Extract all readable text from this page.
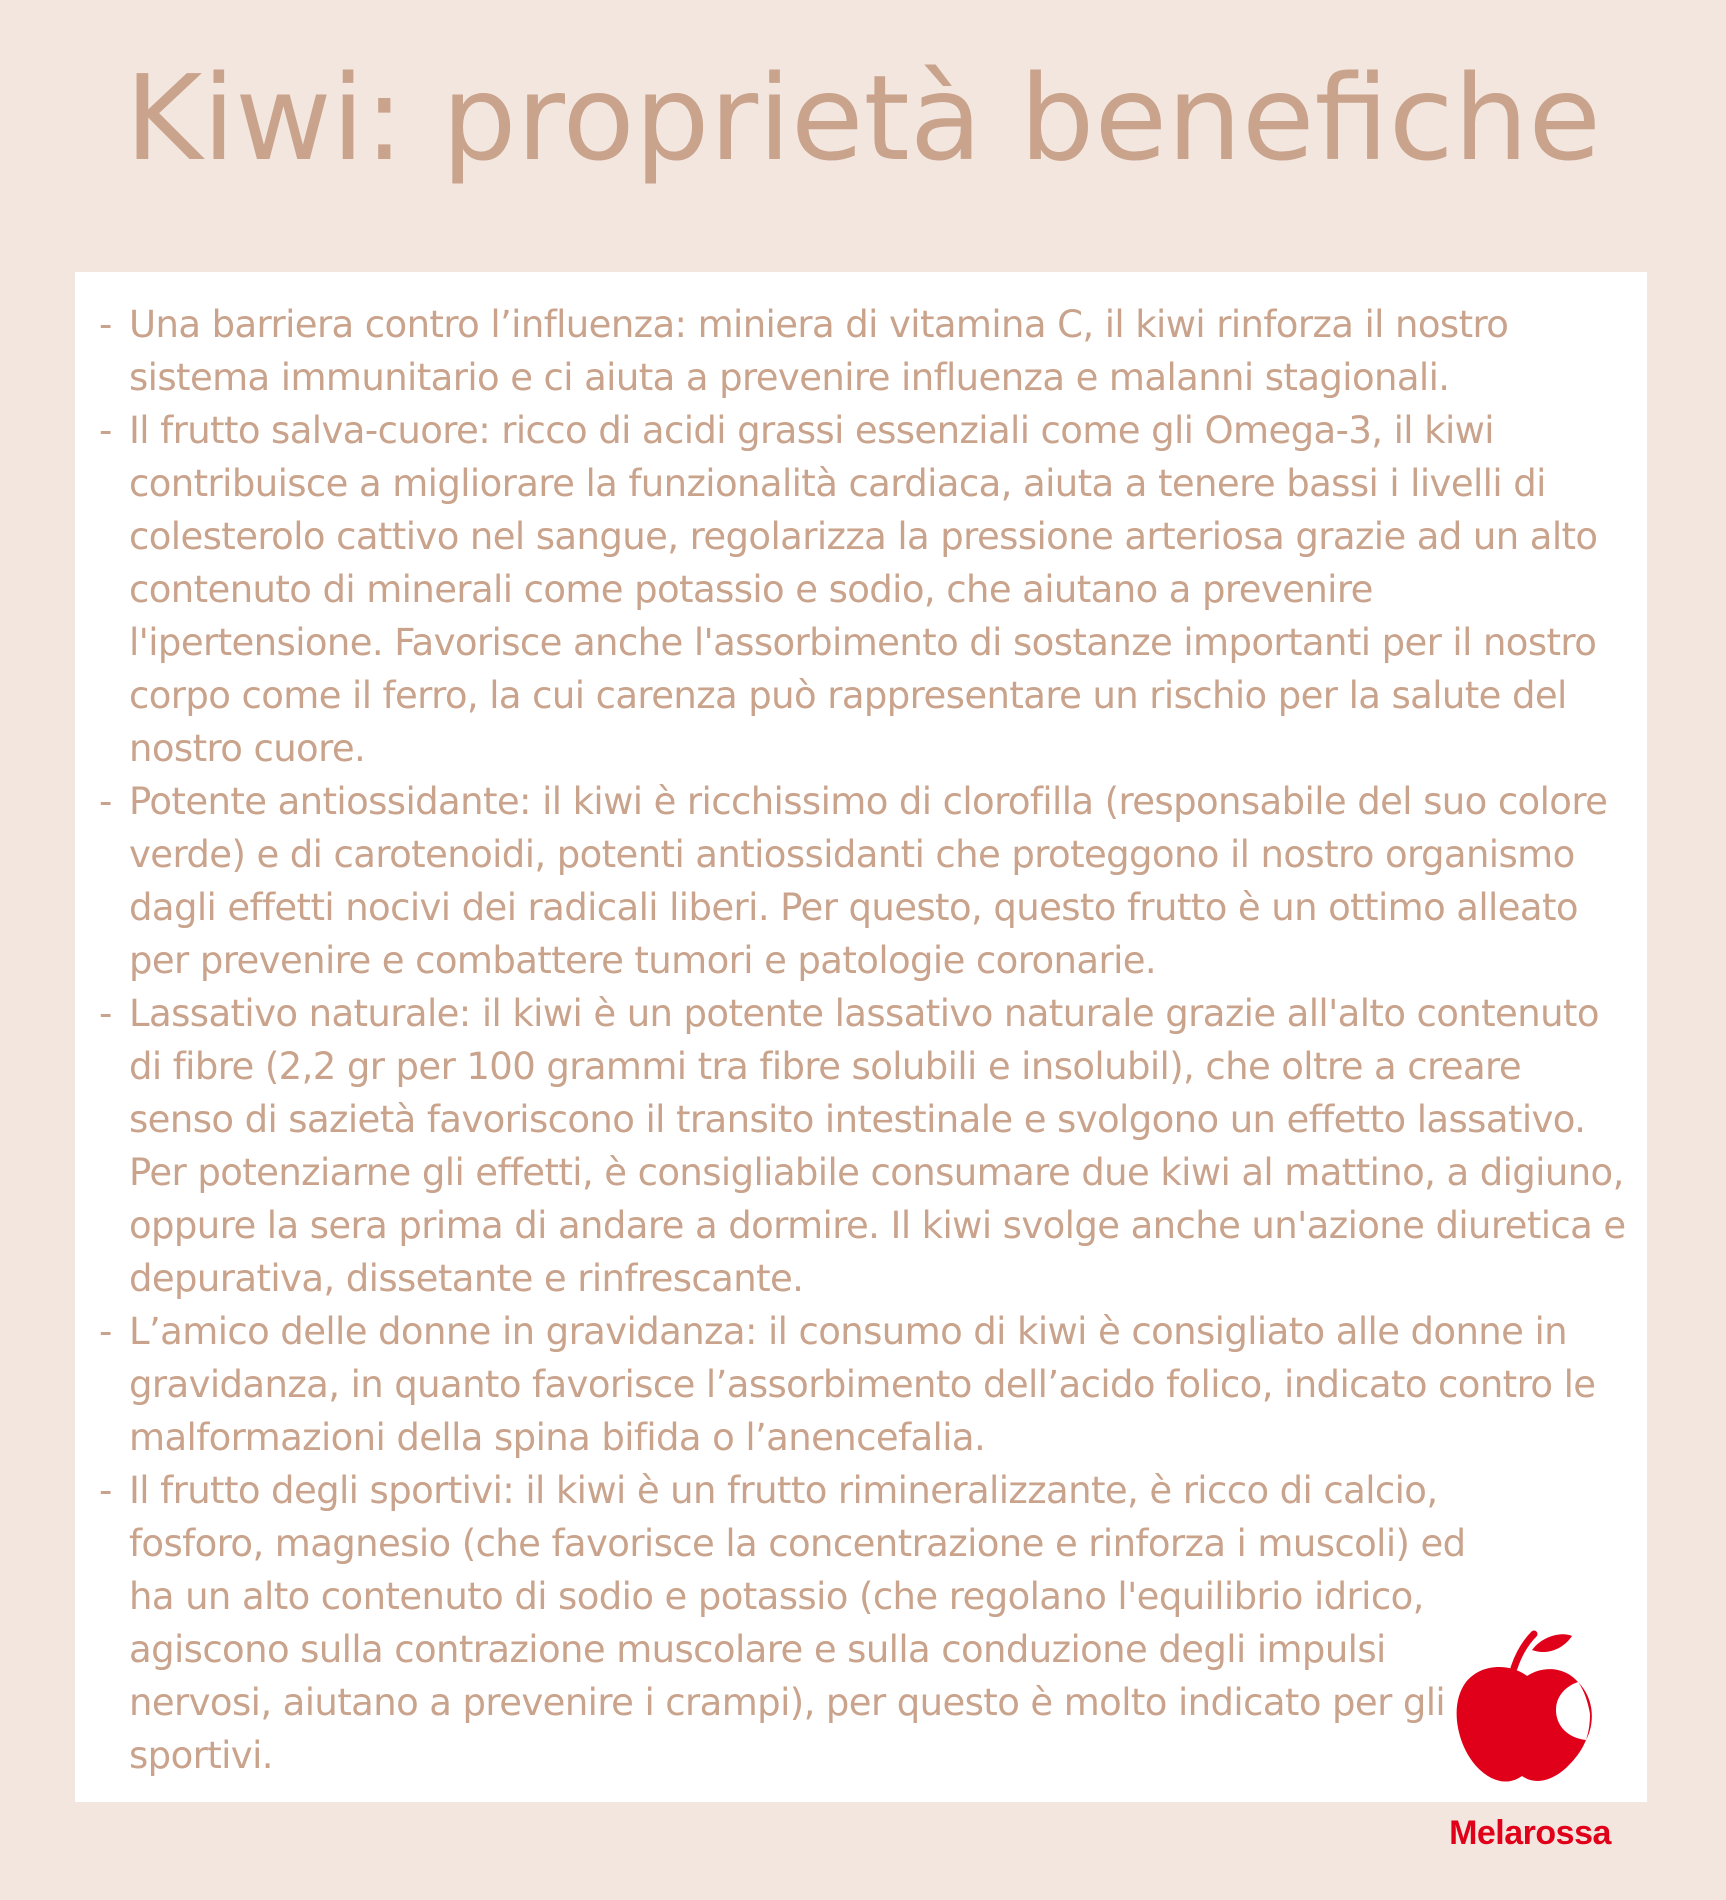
Kiwi: proprietà benefiche
- Una barriera contro l’influenza: miniera di vitamina C, il kiwi rinforza il nostro sistema immunitario e ci aiuta a prevenire influenza e malanni stagionali.
- Il frutto salva-cuore: ricco di acidi grassi essenziali come gli Omega-3, il kiwi contribuisce a migliorare la funzionalità cardiaca, aiuta a tenere bassi i livelli di colesterolo cattivo nel sangue, regolarizza la pressione arteriosa grazie ad un alto contenuto di minerali come potassio e sodio, che aiutano a prevenire l'ipertensione. Favorisce anche l'assorbimento di sostanze importanti per il nostro corpo come il ferro, la cui carenza può rappresentare un rischio per la salute del nostro cuore.
- Potente antiossidante: il kiwi è ricchissimo di clorofilla (responsabile del suo colore verde) e di carotenoidi, potenti antiossidanti che proteggono il nostro organismo dagli effetti nocivi dei radicali liberi. Per questo, questo frutto è un ottimo alleato per prevenire e combattere tumori e patologie coronarie.
- Lassativo naturale: il kiwi è un potente lassativo naturale grazie all'alto contenuto di fibre (2,2 gr per 100 grammi tra fibre solubili e insolubil), che oltre a creare senso di sazietà favoriscono il transito intestinale e svolgono un effetto lassativo. Per potenziarne gli effetti, è consigliabile consumare due kiwi al mattino, a digiuno, oppure la sera prima di andare a dormire. Il kiwi svolge anche un'azione diuretica e depurativa, dissetante e rinfrescante.
- L’amico delle donne in gravidanza: il consumo di kiwi è consigliato alle donne in gravidanza, in quanto favorisce l’assorbimento dell’acido folico, indicato contro le malformazioni della spina bifida o l’anencefalia.
- Il frutto degli sportivi: il kiwi è un frutto rimineralizzante, è ricco di calcio, fosforo, magnesio (che favorisce la concentrazione e rinforza i muscoli) ed ha un alto contenuto di sodio e potassio (che regolano l'equilibrio idrico, agiscono sulla contrazione muscolare e sulla conduzione degli impulsi nervosi, aiutano a prevenire i crampi), per questo è molto indicato per gli sportivi.
Melarossa
